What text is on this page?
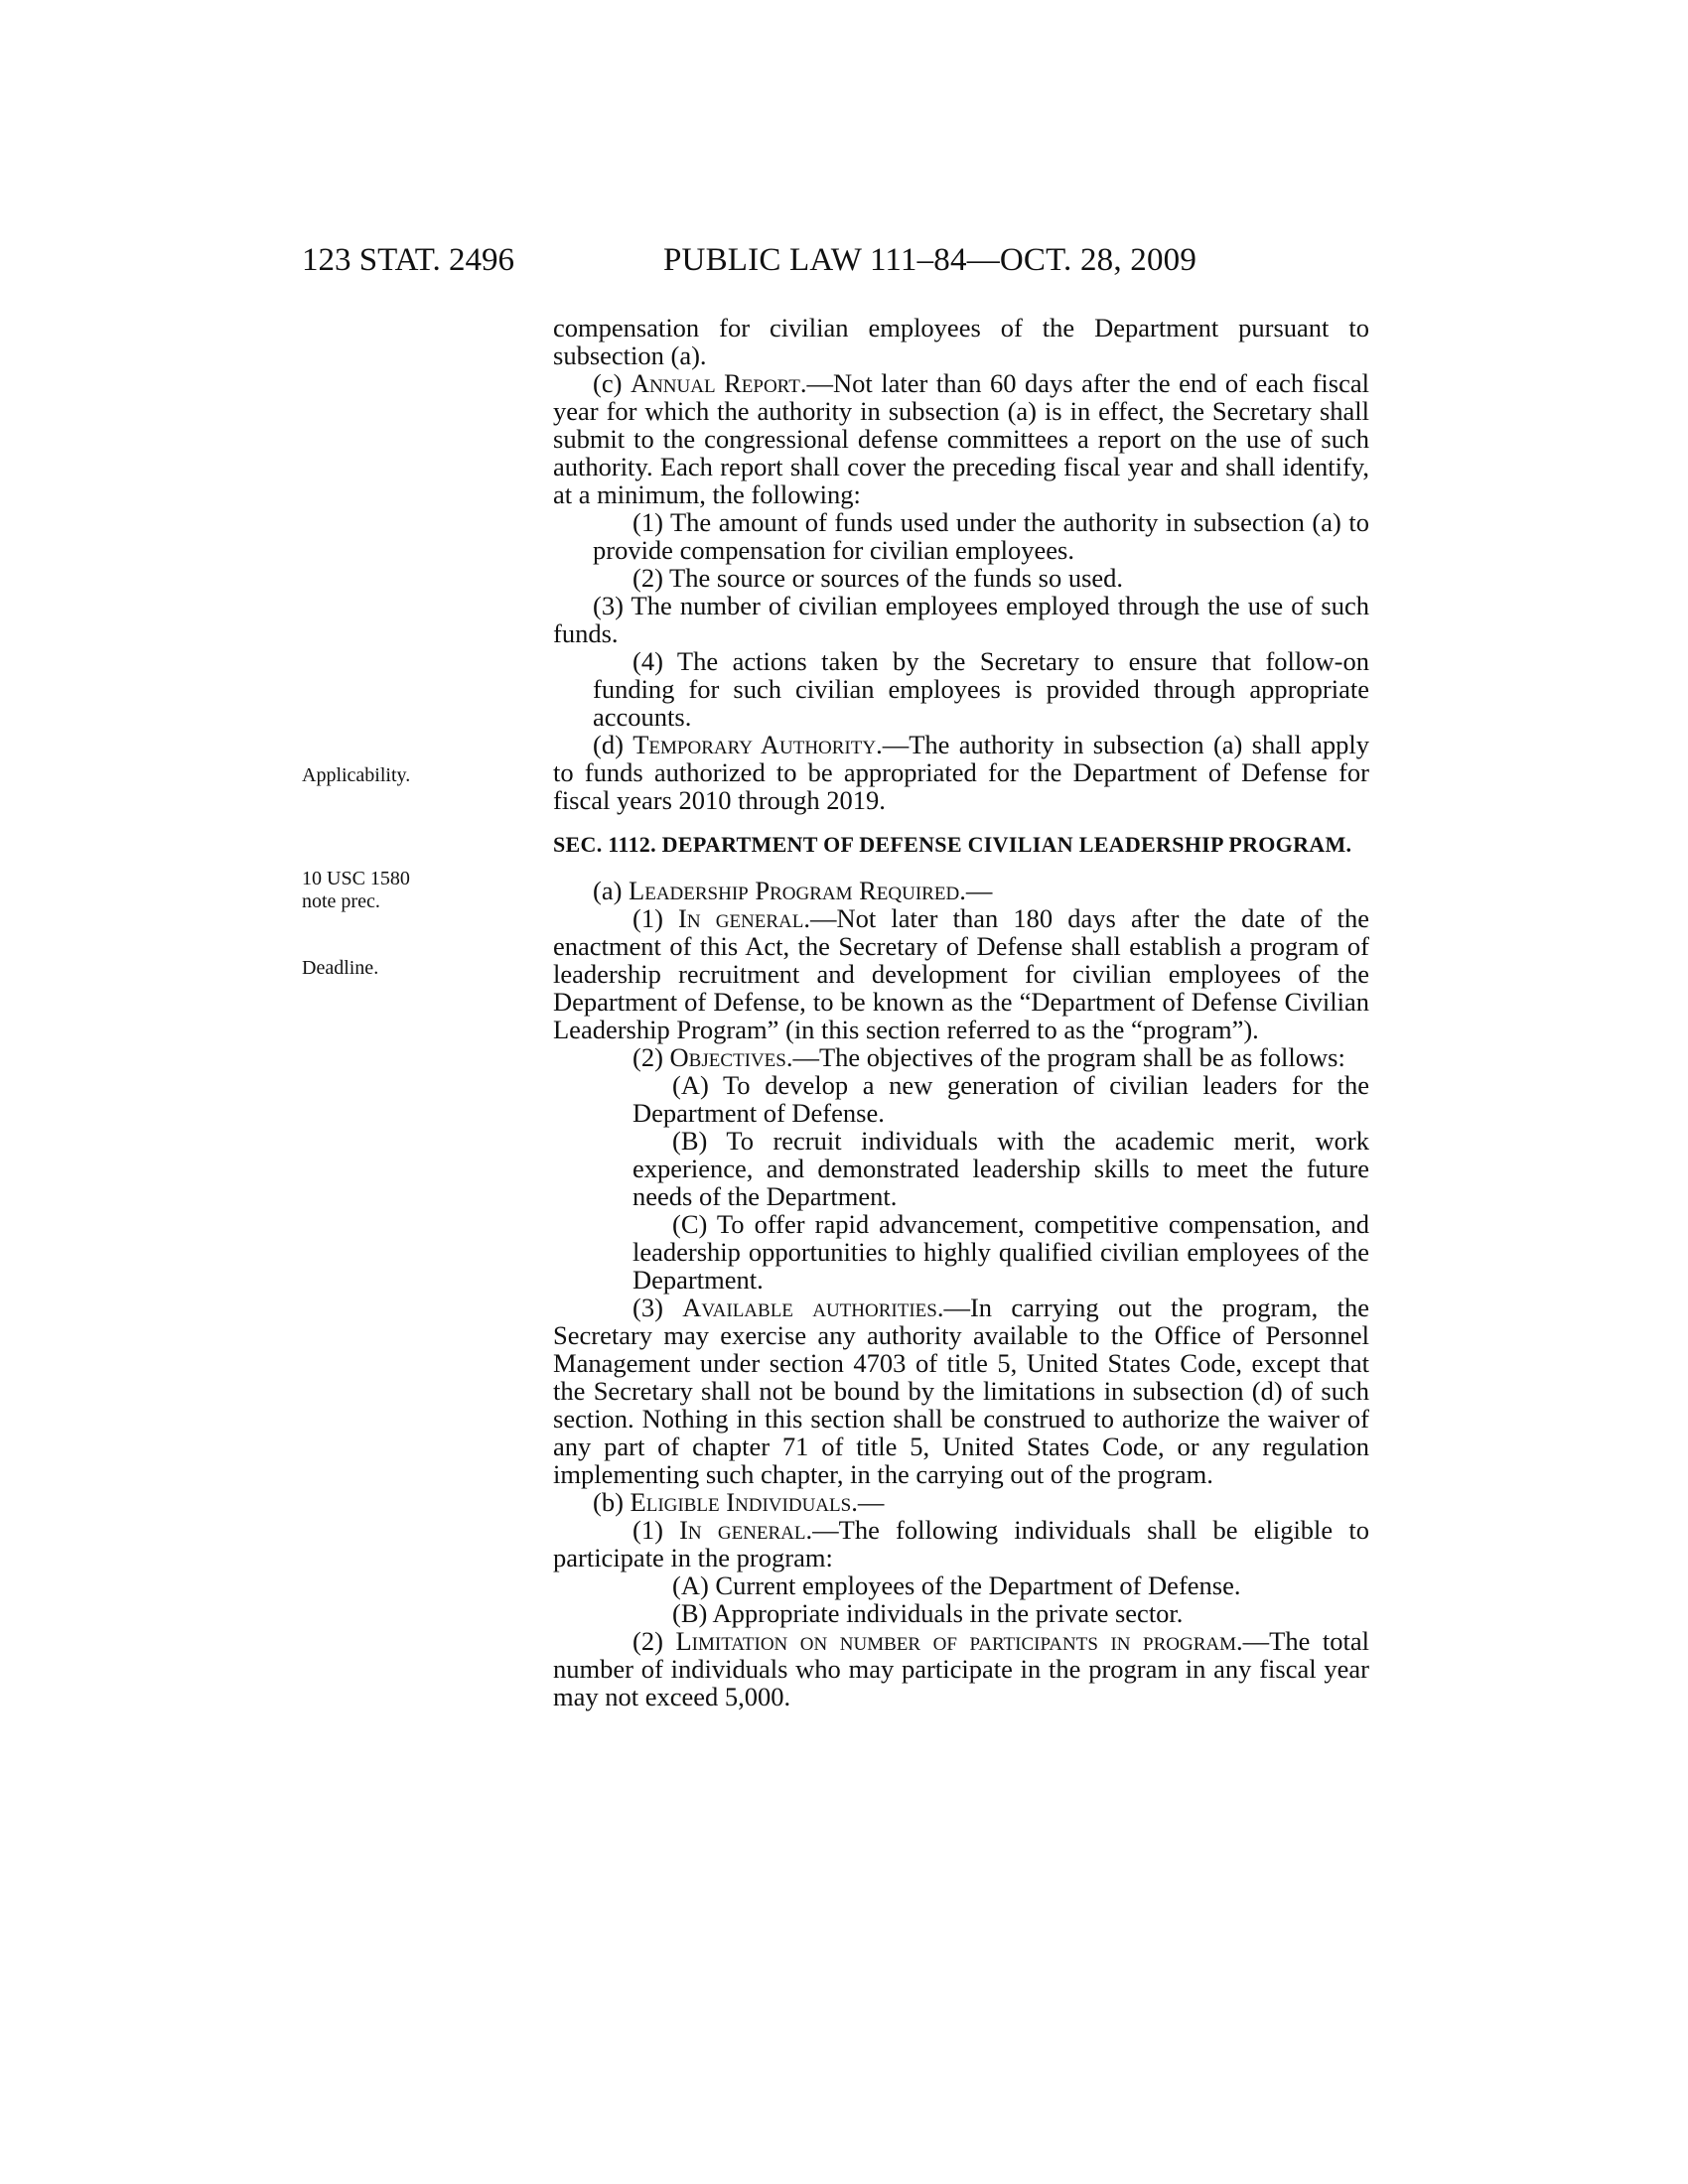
123 STAT. 2496	PUBLIC LAW 111–84—OCT. 28, 2009
Applicability.
10 USC 1580
note prec.
Deadline.

compensation for civilian employees of the Department pursuant to subsection (a).

(c) Annual Report.—Not later than 60 days after the end of each fiscal year for which the authority in subsection (a) is in effect, the Secretary shall submit to the congressional defense committees a report on the use of such authority. Each report shall cover the preceding fiscal year and shall identify, at a minimum, the following:

(1) The amount of funds used under the authority in subsection (a) to provide compensation for civilian employees.

(2) The source or sources of the funds so used.

(3) The number of civilian employees employed through the use of such funds.

(4) The actions taken by the Secretary to ensure that follow-on funding for such civilian employees is provided through appropriate accounts.

(d) Temporary Authority.—The authority in subsection (a) shall apply to funds authorized to be appropriated for the Department of Defense for fiscal years 2010 through 2019.

SEC. 1112. DEPARTMENT OF DEFENSE CIVILIAN LEADERSHIP PROGRAM.

(a) Leadership Program Required.—

(1) In general.—Not later than 180 days after the date of the enactment of this Act, the Secretary of Defense shall establish a program of leadership recruitment and development for civilian employees of the Department of Defense, to be known as the “Department of Defense Civilian Leadership Program” (in this section referred to as the “program”).

(2) Objectives.—The objectives of the program shall be as follows:

(A) To develop a new generation of civilian leaders for the Department of Defense.

(B) To recruit individuals with the academic merit, work experience, and demonstrated leadership skills to meet the future needs of the Department.

(C) To offer rapid advancement, competitive compensation, and leadership opportunities to highly qualified civilian employees of the Department.

(3) Available authorities.—In carrying out the program, the Secretary may exercise any authority available to the Office of Personnel Management under section 4703 of title 5, United States Code, except that the Secretary shall not be bound by the limitations in subsection (d) of such section. Nothing in this section shall be construed to authorize the waiver of any part of chapter 71 of title 5, United States Code, or any regulation implementing such chapter, in the carrying out of the program.

(b) Eligible Individuals.—

(1) In general.—The following individuals shall be eligible to participate in the program:

(A) Current employees of the Department of Defense.

(B) Appropriate individuals in the private sector.

(2) Limitation on number of participants in program.—The total number of individuals who may participate in the program in any fiscal year may not exceed 5,000.
